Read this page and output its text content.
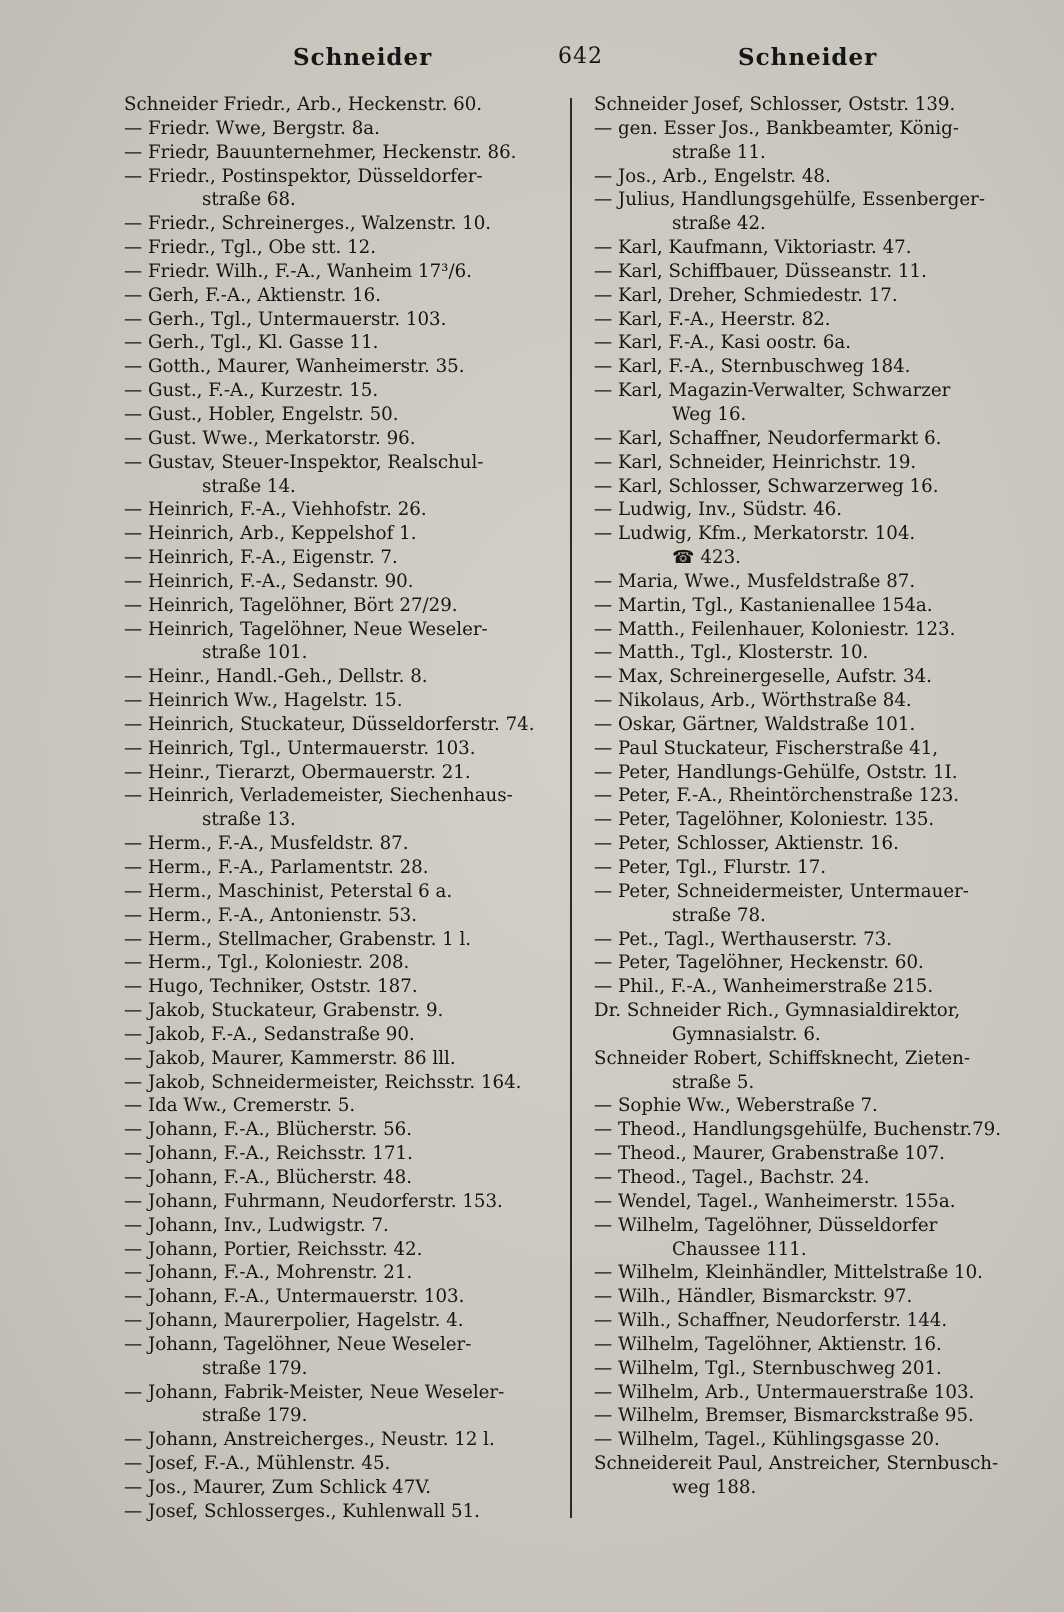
Schneider	642	Schneider
Schneider Friedr., Arb., Heckenstr. 60.
— Friedr. Wwe, Bergstr. 8a.
— Friedr, Bauunternehmer, Heckenstr. 86.
— Friedr., Postinspektor, Düsseldorfer-
straße 68.
— Friedr., Schreinerges., Walzenstr. 10.
— Friedr., Tgl., Obe stt. 12.
— Friedr. Wilh., F.-A., Wanheim 17³/6.
— Gerh, F.-A., Aktienstr. 16.
— Gerh., Tgl., Untermauerstr. 103.
— Gerh., Tgl., Kl. Gasse 11.
— Gotth., Maurer, Wanheimerstr. 35.
— Gust., F.-A., Kurzestr. 15.
— Gust., Hobler, Engelstr. 50.
— Gust. Wwe., Merkatorstr. 96.
— Gustav, Steuer-Inspektor, Realschul-
straße 14.
— Heinrich, F.-A., Viehhofstr. 26.
— Heinrich, Arb., Keppelshof 1.
— Heinrich, F.-A., Eigenstr. 7.
— Heinrich, F.-A., Sedanstr. 90.
— Heinrich, Tagelöhner, Bört 27/29.
— Heinrich, Tagelöhner, Neue Weseler-
straße 101.
— Heinr., Handl.-Geh., Dellstr. 8.
— Heinrich Ww., Hagelstr. 15.
— Heinrich, Stuckateur, Düsseldorferstr. 74.
— Heinrich, Tgl., Untermauerstr. 103.
— Heinr., Tierarzt, Obermauerstr. 21.
— Heinrich, Verlademeister, Siechenhaus-
straße 13.
— Herm., F.-A., Musfeldstr. 87.
— Herm., F.-A., Parlamentstr. 28.
— Herm., Maschinist, Peterstal 6 a.
— Herm., F.-A., Antonienstr. 53.
— Herm., Stellmacher, Grabenstr. 1 l.
— Herm., Tgl., Koloniestr. 208.
— Hugo, Techniker, Oststr. 187.
— Jakob, Stuckateur, Grabenstr. 9.
— Jakob, F.-A., Sedanstraße 90.
— Jakob, Maurer, Kammerstr. 86 lll.
— Jakob, Schneidermeister, Reichsstr. 164.
— Ida Ww., Cremerstr. 5.
— Johann, F.-A., Blücherstr. 56.
— Johann, F.-A., Reichsstr. 171.
— Johann, F.-A., Blücherstr. 48.
— Johann, Fuhrmann, Neudorferstr. 153.
— Johann, Inv., Ludwigstr. 7.
— Johann, Portier, Reichsstr. 42.
— Johann, F.-A., Mohrenstr. 21.
— Johann, F.-A., Untermauerstr. 103.
— Johann, Maurerpolier, Hagelstr. 4.
— Johann, Tagelöhner, Neue Weseler-
straße 179.
— Johann, Fabrik-Meister, Neue Weseler-
straße 179.
— Johann, Anstreicherges., Neustr. 12 l.
— Josef, F.-A., Mühlenstr. 45.
— Jos., Maurer, Zum Schlick 47V.
— Josef, Schlosserges., Kuhlenwall 51.
Schneider Josef, Schlosser, Oststr. 139.
— gen. Esser Jos., Bankbeamter, König-
straße 11.
— Jos., Arb., Engelstr. 48.
— Julius, Handlungsgehülfe, Essenberger-
straße 42.
— Karl, Kaufmann, Viktoriastr. 47.
— Karl, Schiffbauer, Düsseanstr. 11.
— Karl, Dreher, Schmiedestr. 17.
— Karl, F.-A., Heerstr. 82.
— Karl, F.-A., Kasi oostr. 6a.
— Karl, F.-A., Sternbuschweg 184.
— Karl, Magazin-Verwalter, Schwarzer
Weg 16.
— Karl, Schaffner, Neudorfermarkt 6.
— Karl, Schneider, Heinrichstr. 19.
— Karl, Schlosser, Schwarzerweg 16.
— Ludwig, Inv., Südstr. 46.
— Ludwig, Kfm., Merkatorstr. 104.
☎ 423.
— Maria, Wwe., Musfeldstraße 87.
— Martin, Tgl., Kastanienallee 154a.
— Matth., Feilenhauer, Koloniestr. 123.
— Matth., Tgl., Klosterstr. 10.
— Max, Schreinergeselle, Aufstr. 34.
— Nikolaus, Arb., Wörthstraße 84.
— Oskar, Gärtner, Waldstraße 101.
— Paul Stuckateur, Fischerstraße 41,
— Peter, Handlungs-Gehülfe, Oststr. 1I.
— Peter, F.-A., Rheintörchenstraße 123.
— Peter, Tagelöhner, Koloniestr. 135.
— Peter, Schlosser, Aktienstr. 16.
— Peter, Tgl., Flurstr. 17.
— Peter, Schneidermeister, Untermauer-
straße 78.
— Pet., Tagl., Werthauserstr. 73.
— Peter, Tagelöhner, Heckenstr. 60.
— Phil., F.-A., Wanheimerstraße 215.
Dr. Schneider Rich., Gymnasialdirektor,
Gymnasialstr. 6.
Schneider Robert, Schiffsknecht, Zieten-
straße 5.
— Sophie Ww., Weberstraße 7.
— Theod., Handlungsgehülfe, Buchenstr.79.
— Theod., Maurer, Grabenstraße 107.
— Theod., Tagel., Bachstr. 24.
— Wendel, Tagel., Wanheimerstr. 155a.
— Wilhelm, Tagelöhner, Düsseldorfer
Chaussee 111.
— Wilhelm, Kleinhändler, Mittelstraße 10.
— Wilh., Händler, Bismarckstr. 97.
— Wilh., Schaffner, Neudorferstr. 144.
— Wilhelm, Tagelöhner, Aktienstr. 16.
— Wilhelm, Tgl., Sternbuschweg 201.
— Wilhelm, Arb., Untermauerstraße 103.
— Wilhelm, Bremser, Bismarckstraße 95.
— Wilhelm, Tagel., Kühlingsgasse 20.
Schneidereit Paul, Anstreicher, Sternbusch-
weg 188.
